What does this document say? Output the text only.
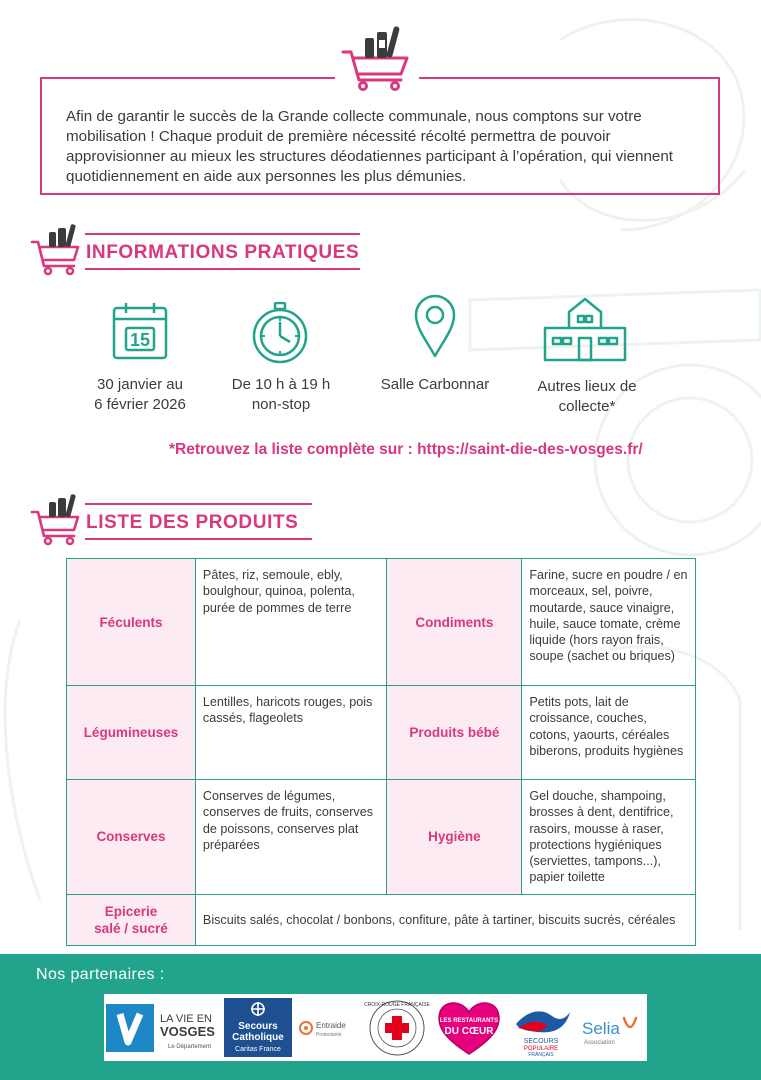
Afin de garantir le succès de la Grande collecte communale, nous comptons sur votre mobilisation ! Chaque produit de première nécessité récolté permettra de pouvoir approvisionner au mieux les structures déodatiennes participant à l’opération, qui viennent quotidiennement en aide aux personnes les plus démunies.
INFORMATIONS PRATIQUES
15
30 janvier au
6 février 2026
De 10 h à 19 h
non-stop
Salle Carbonnar	Autres lieux de
collecte*
*Retrouvez la liste complète sur : https://saint-die-des-vosges.fr/
LISTE DES PRODUITS
Féculents	Pâtes, riz, semoule, ebly, boulghour, quinoa, polenta, purée de pommes de terre	Condiments	Farine, sucre en poudre / en morceaux, sel, poivre, moutarde, sauce vinaigre, huile, sauce tomate, crème liquide (hors rayon frais, soupe (sachet ou briques)
Légumineuses	Lentilles, haricots rouges, pois cassés, flageolets	Produits bébé	Petits pots, lait de croissance, couches, cotons, yaourts, céréales biberons, produits hygiènes
Conserves	Conserves de légumes, conserves de fruits, conserves de poissons, conserves plat préparées	Hygiène	Gel douche, shampoing, brosses à dent, dentifrice, rasoirs, mousse à raser, protections hygiéniques (serviettes, tampons...), papier toilette
Epicerie
salé / sucré	Biscuits salés, chocolat / bonbons, confiture, pâte à tartiner, biscuits sucrés, céréales		
Nos partenaires :
LA VIE EN
VOSGES
Le Département
Secours
Catholique
Caritas France
Entraide
Protestante
CROIX-ROUGE FRANÇAISE
LES RESTAURANTS
DU CŒUR
SECOURS
POPULAIRE
FRANÇAIS
Selia
Association
